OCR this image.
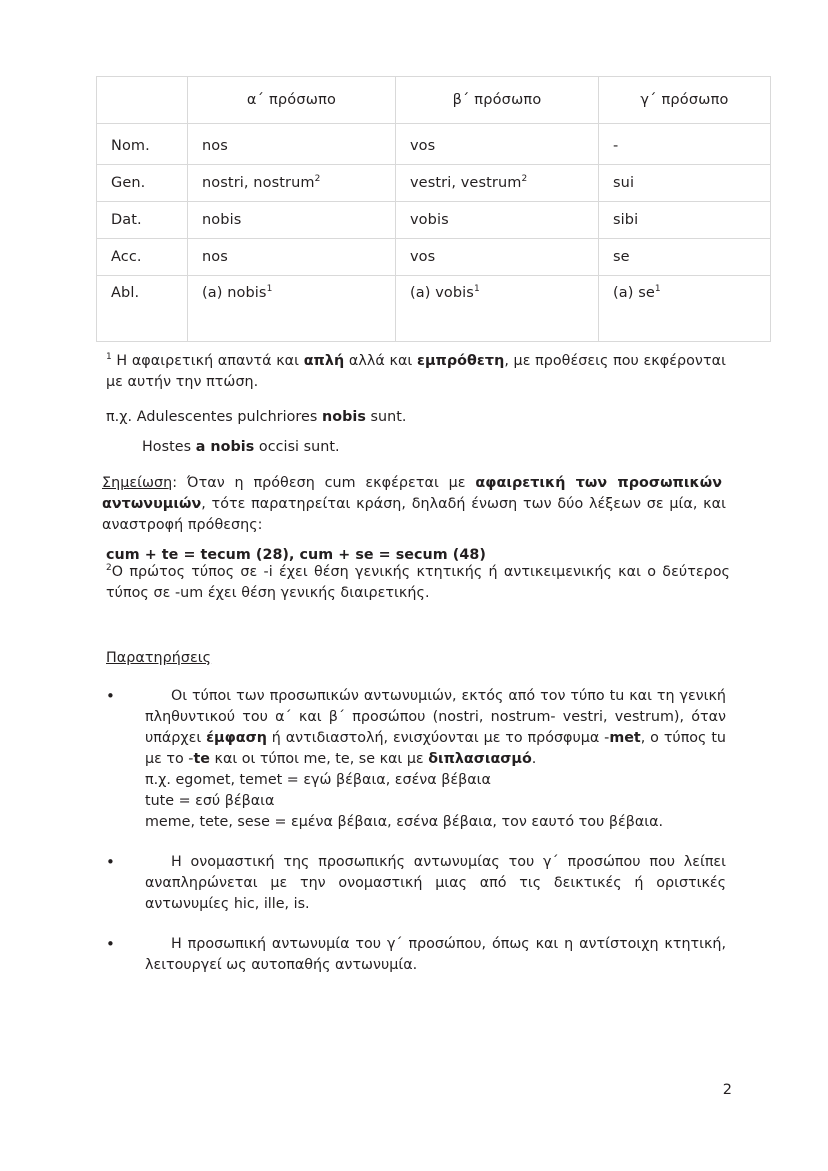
	α´ πρόσωπο	β´ πρόσωπο	γ´ πρόσωπο
Nom.	nos	vos	-
Gen.	nostri, nostrum$^2$	vestri, vestrum$^2$	sui
Dat.	nobis	vobis	sibi
Acc.	nos	vos	se
Abl.	(a) nobis$^1$	(a) vobis$^1$	(a) $se^1$
$^1$ Η αφαιρετική απαντά και απλή αλλά και εμπρόθετη, με προθέσεις που εκφέρονται με αυτήν την πτώση.
π.χ. Adulescentes pulchriores nobis sunt.
Hostes a nobis occisi sunt.
Σημείωση: Όταν η πρόθεση cum εκφέρεται με αφαιρετική των προσωπικών αντωνυμιών, τότε παρατηρείται κράση, δηλαδή ένωση των δύο λέξεων σε μία, και αναστροφή πρόθεσης:
cum + te = tecum (28), cum + se = secum (48)
$^2$Ο πρώτος τύπος σε -i έχει θέση γενικής κτητικής ή αντικειμενικής και ο δεύτερος τύπος σε -um έχει θέση γενικής διαιρετικής.
Παρατηρήσεις
•	Οι τύποι των προσωπικών αντωνυμιών, εκτός από τον τύπο tu και τη γενική πληθυντικού του α´ και β´ προσώπου (nostri, nostrum- vestri, vestrum), όταν υπάρχει έμφαση ή αντιδιαστολή, ενισχύονται με το πρόσφυμα -met, ο τύπος tu με το -te και οι τύποι me, te, se και με διπλασιασμό.
π.χ. egomet, temet = εγώ βέβαια, εσένα βέβαια
tute = εσύ βέβαια
meme, tete, sese = εμένα βέβαια, εσένα βέβαια, τον εαυτό του βέβαια.
•	Η ονομαστική της προσωπικής αντωνυμίας του γ´ προσώπου που λείπει αναπληρώνεται με την ονομαστική μιας από τις δεικτικές ή οριστικές αντωνυμίες hic, ille, is.
•	Η προσωπική αντωνυμία του γ´ προσώπου, όπως και η αντίστοιχη κτητική, λειτουργεί ως αυτοπαθής αντωνυμία.
2
